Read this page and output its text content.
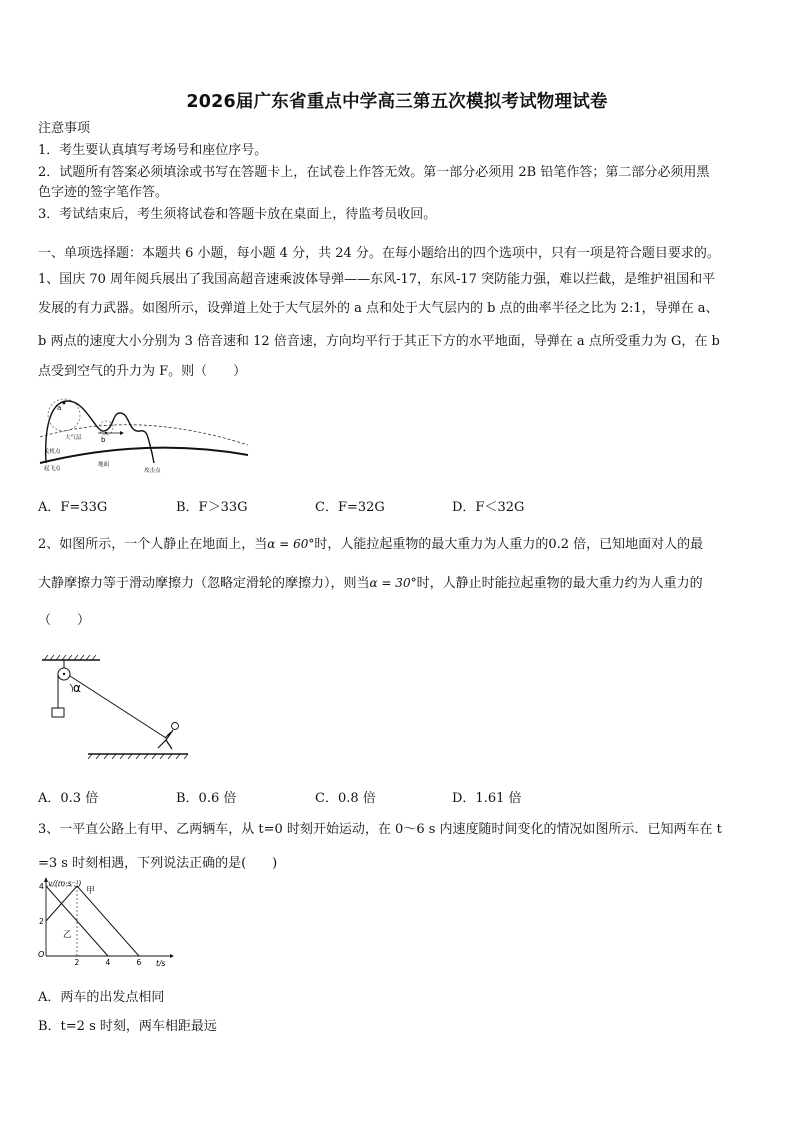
2026届广东省重点中学高三第五次模拟考试物理试卷
注意事项
1．考生要认真填写考场号和座位序号。
2．试题所有答案必须填涂或书写在答题卡上，在试卷上作答无效。第一部分必须用 2B 铅笔作答；第二部分必须用黑
色字迹的签字笔作答。
3．考试结束后，考生须将试卷和答题卡放在桌面上，待监考员收回。
一、单项选择题：本题共 6 小题，每小题 4 分，共 24 分。在每小题给出的四个选项中，只有一项是符合题目要求的。
1、国庆 70 周年阅兵展出了我国高超音速乘波体导弹——东风-17，东风-17 突防能力强，难以拦截，是维护祖国和平
发展的有力武器。如图所示，设弹道上处于大气层外的 a 点和处于大气层内的 b 点的曲率半径之比为 2:1，导弹在 a、
b 两点的速度大小分别为 3 倍音速和 12 倍音速，方向均平行于其正下方的水平地面，导弹在 a 点所受重力为 G，在 b
点受到空气的升力为 F。则（　　）
a
b
大气层
关机点
起飞点
地面
攻击点
A．F=33G	B．F＞33G	C．F=32G	D．F＜32G
2、如图所示，一个人静止在地面上，当α = 60°时，人能拉起重物的最大重力为人重力的0.2 倍，已知地面对人的最
大静摩擦力等于滑动摩擦力（忽略定滑轮的摩擦力），则当α = 30°时，人静止时能拉起重物的最大重力约为人重力的
（　　）
α
A．0.3 倍	B．0.6 倍	C．0.8 倍	D．1.61 倍
3、一平直公路上有甲、乙两辆车，从 t=0 时刻开始运动，在 0～6 s 内速度随时间变化的情况如图所示．已知两车在 t
=3 s 时刻相遇，下列说法正确的是(　　)
v/(m·s⁻¹)
t/s
O
2	4	6
2
4	甲
乙
A．两车的出发点相同
B．t=2 s 时刻，两车相距最远
